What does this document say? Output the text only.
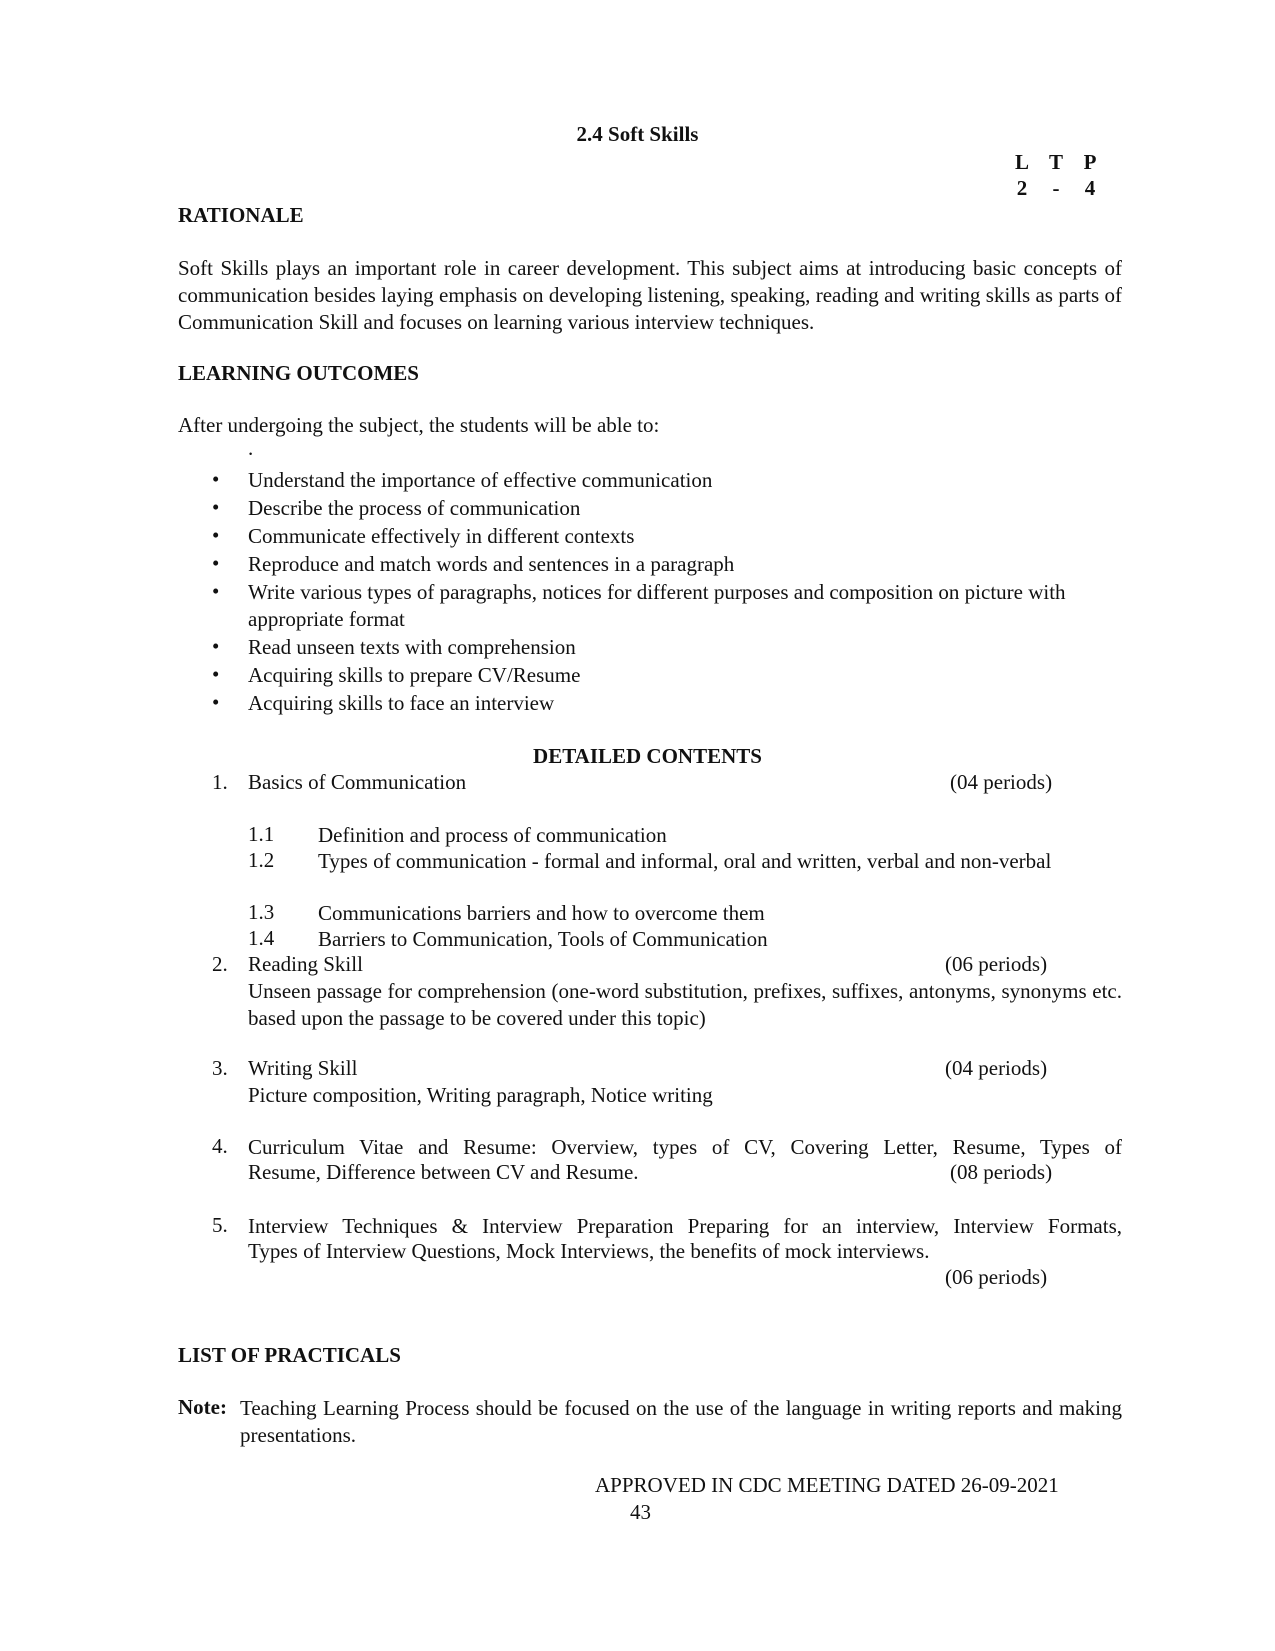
2.4 Soft Skills
L T P
2	-	4
RATIONALE
Soft Skills plays an important role in career development. This subject aims at introducing basic concepts of communication besides laying emphasis on developing listening, speaking, reading and writing skills as parts of Communication Skill and focuses on learning various interview techniques.
LEARNING OUTCOMES
After undergoing the subject, the students will be able to:
.
• Understand the importance of effective communication
• Describe the process of communication
• Communicate effectively in different contexts
• Reproduce and match words and sentences in a paragraph
• Write various types of paragraphs, notices for different purposes and composition on picture with appropriate format
• Read unseen texts with comprehension
• Acquiring skills to prepare CV/Resume
• Acquiring skills to face an interview
DETAILED CONTENTS
1. Basics of Communication	(04 periods)
1.1 Definition and process of communication
1.2 Types of communication - formal and informal, oral and written, verbal and non-verbal
1.3 Communications barriers and how to overcome them
1.4 Barriers to Communication, Tools of Communication
2. Reading Skill	(06 periods)
Unseen passage for comprehension (one-word substitution, prefixes, suffixes, antonyms, synonyms etc. based upon the passage to be covered under this topic)
3. Writing Skill	(04 periods)
Picture composition, Writing paragraph, Notice writing
4. Curriculum Vitae and Resume: Overview, types of CV, Covering Letter, Resume, Types of
Resume, Difference between CV and Resume.	(08 periods)
5. Interview Techniques & Interview Preparation Preparing for an interview, Interview Formats,
Types of Interview Questions, Mock Interviews, the benefits of mock interviews.
(06 periods)
LIST OF PRACTICALS
Note: Teaching Learning Process should be focused on the use of the language in writing reports and making presentations.
APPROVED IN CDC MEETING DATED 26-09-2021
43
